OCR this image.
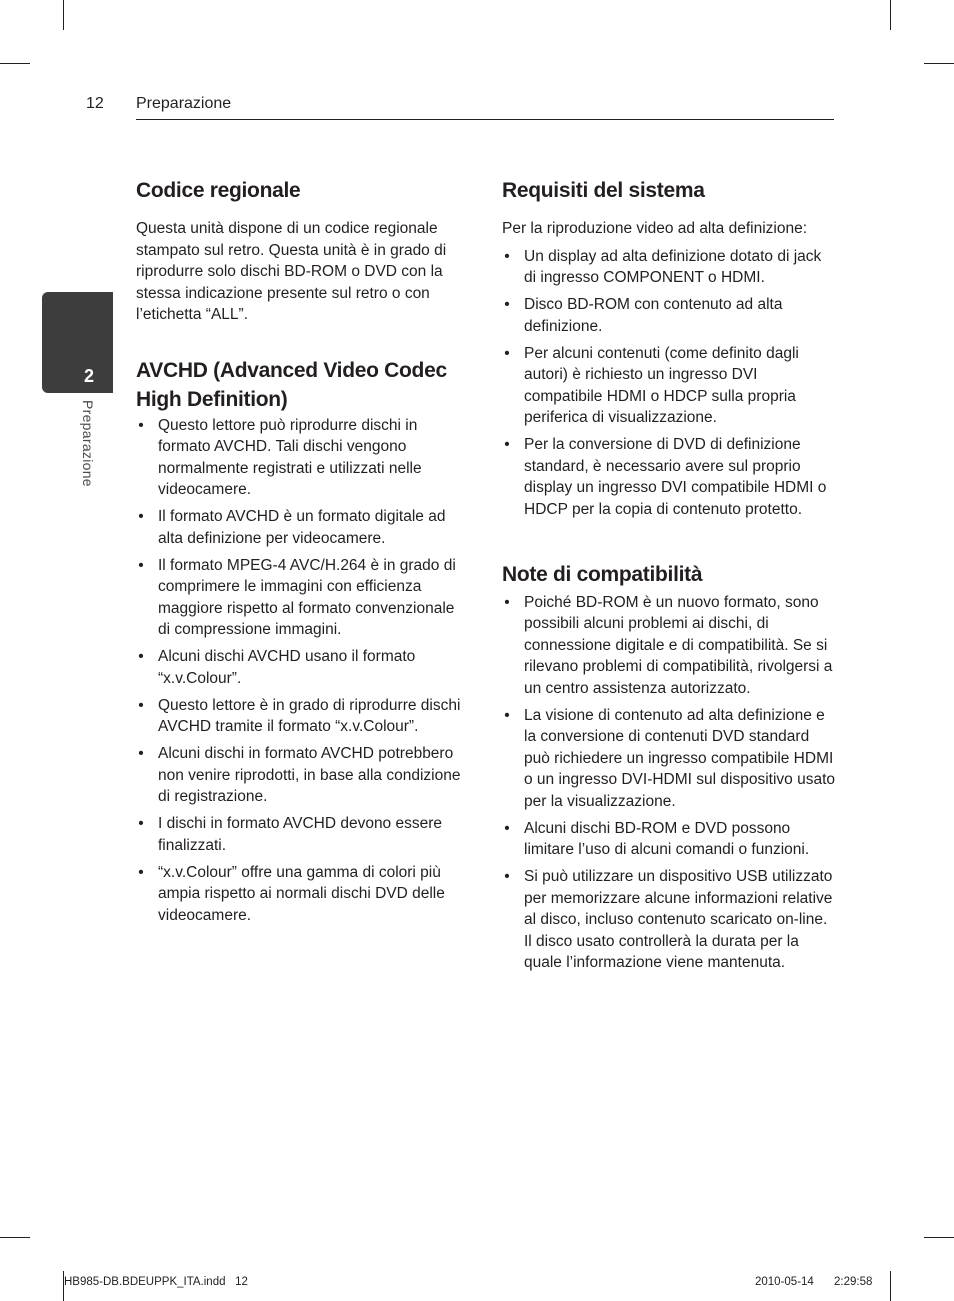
12 Preparazione
2
Preparazione
Codice regionale

Questa unità dispone di un codice regionale stampato sul retro. Questa unità è in grado di riprodurre solo dischi BD-ROM o DVD con la stessa indicazione presente sul retro o con l’etichetta “ALL”.

AVCHD (Advanced Video Codec High Definition)
• Questo lettore può riprodurre dischi in formato AVCHD. Tali dischi vengono normalmente registrati e utilizzati nelle videocamere.
• Il formato AVCHD è un formato digitale ad alta definizione per videocamere.
• Il formato MPEG-4 AVC/H.264 è in grado di comprimere le immagini con efficienza maggiore rispetto al formato convenzionale di compressione immagini.
• Alcuni dischi AVCHD usano il formato “x.v.Colour”.
• Questo lettore è in grado di riprodurre dischi AVCHD tramite il formato “x.v.Colour”.
• Alcuni dischi in formato AVCHD potrebbero non venire riprodotti, in base alla condizione di registrazione.
• I dischi in formato AVCHD devono essere finalizzati.
• “x.v.Colour” offre una gamma di colori più ampia rispetto ai normali dischi DVD delle videocamere.
Requisiti del sistema

Per la riproduzione video ad alta definizione:

• Un display ad alta definizione dotato di jack di ingresso COMPONENT o HDMI.
• Disco BD-ROM con contenuto ad alta definizione.
• Per alcuni contenuti (come definito dagli autori) è richiesto un ingresso DVI compatibile HDMI o HDCP sulla propria periferica di visualizzazione.
• Per la conversione di DVD di definizione standard, è necessario avere sul proprio display un ingresso DVI compatibile HDMI o HDCP per la copia di contenuto protetto.
Note di compatibilità
• Poiché BD-ROM è un nuovo formato, sono possibili alcuni problemi ai dischi, di connessione digitale e di compatibilità. Se si rilevano problemi di compatibilità, rivolgersi a un centro assistenza autorizzato.
• La visione di contenuto ad alta definizione e la conversione di contenuti DVD standard può richiedere un ingresso compatibile HDMI o un ingresso DVI-HDMI sul dispositivo usato per la visualizzazione.
• Alcuni dischi BD-ROM e DVD possono limitare l’uso di alcuni comandi o funzioni.
• Si può utilizzare un dispositivo USB utilizzato per memorizzare alcune informazioni relative al disco, incluso contenuto scaricato on-line. Il disco usato controllerà la durata per la quale l’informazione viene mantenuta.
HB985-DB.BDEUPPK_ITA.indd   12	2010-05-14 2:29:58
